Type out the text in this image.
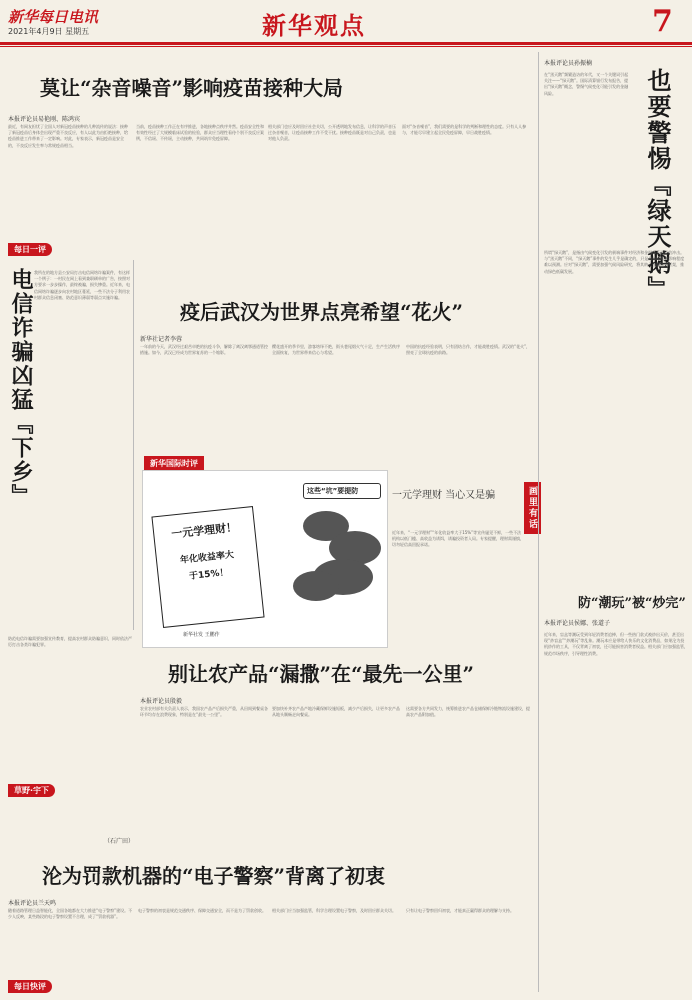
新华每日电讯
2021年4月9日 星期五	新华观点	7
莫让“杂音噪音”影响疫苗接种大局
本报评论员易艳刚、陈鸿宾
最近，有网友担忧了全国人对新冠疫苗接种的几种流传的说法：接种了新冠疫苗后身体会出现严重不良反应，有人以此为由拒绝接种，给疫苗推进工作带来了一定影响。对此，专家表示，新冠疫苗是安全的，不良反应发生率与常规疫苗相当。
每日一评
当前，疫苗接种工作正在有序推进，各地接种点秩序井然。疫苗安全性和有效性经过了大规模临床试验的检验，群众应当理性看待个别不良反应案例，不信谣、不传谣，主动接种，共同筑牢免疫屏障。
相关部门也应及时回应社会关切，公开透明地发布信息，让科学的声音压过杂音噪音，让疫苗接种工作不受干扰。接种疫苗既是对自己负责，也是对他人负责。
面对“杂音噪音”，我们需要的是科学的判断和理性的态度。只有人人参与，才能尽早建立起全民免疫屏障，早日战胜疫情。
电信诈骗凶猛『下乡』 我所在的地方县公安局打击电信网络诈骗案件，有这样一个例子：一村民在网上看到兼职刷单的广告，按照对方要求一步步操作，最终被骗，损失惨重。近年来，电信网络诈骗逐步向农村地区蔓延，一些不法分子利用农村群众信息闭塞、防范意识薄弱等弱点实施诈骗。
疫后武汉为世界点亮希望“花火”
新华社记者李蓉
一年前的今天，武汉经过艰苦卓绝的抗疫斗争，解除了离汉离鄂通道管控措施。如今，武汉已经成为世界复苏的一个缩影。
樱花盛开的季节里，游客络绎不绝，街头巷尾烟火气十足，生产生活秩序全面恢复，为世界带来信心与希望。
中国的抗疫经验表明，只有团结合作，才能战胜疫情。武汉的“花火”，照亮了全球抗疫的前路。
新华国际时评
这些“坑”要提防
一元学理财！
年化收益率大
于15%！
新华社发 王鹏作
一元学理财 当心又是骗
近年来，“一元学理财”“年化收益率大于15%”等宣传屡见不鲜，一些不法机构以低门槛、高收益为诱饵，诱骗投资者入局。专家提醒，理财需谨慎，切勿轻信高回报承诺。
画里有话
别让农产品“漏撒”在“最先一公里”
本报评论员殷毅
农业农村部有关负责人表示，我国农产品产后损失严重，从田间到餐桌各环节均存在浪费现象，特别是在“最先一公里”。
要加快补齐农产品产地冷藏保鲜设施短板，减少产后损失，让更多农产品从地头顺畅走向餐桌。
这需要各方共同发力，统筹推进农产品仓储保鲜冷链物流设施建设，提高农产品附加值。
防范电信诈骗需要加强宣传教育，提高农村群众防骗意识，同时依法严厉打击各类诈骗犯罪。
草野·宇下
（石广田）
沦为罚款机器的“电子警察”背离了初衷
本报评论员兰天鸣
随着道路管理日益智能化，全国各地都在大力推进“电子警察”建设。不少人反映，某些路段的电子警察设置不合理，成了“罚款机器”。
电子警察的初衷是规范交通秩序、保障交通安全，而不是为了罚款创收。	相关部门应当加强监管，科学合理设置电子警察，及时回应群众关切。	只有让电子警察回归初衷，才能真正赢得群众的理解与支持。
每日快评
本报评论员孙振楠
在“黑天鹅”频繁造访的年代，又一个关键词引起关注——“绿天鹅”。国际清算银行发布报告，提出“绿天鹅”概念，警惕气候变化可能引发的金融风险。	也要警惕『绿天鹅』
所谓“绿天鹅”，是指由气候变化引发的极端事件对经济和金融体系造成的冲击。与“黑天鹅”不同，“绿天鹅”事件的发生几乎是确定的，只是具体时间和影响程度难以预测。应对“绿天鹅”，需要加强气候风险研究，将其纳入金融监管框架，推动绿色低碳发展。
防“潮玩”被“炒完”
本报评论员侯娜、张道子
近年来，盲盒等潮玩受到年轻消费者追捧，但一些热门款式被炒出天价，甚至出现“炒盲盒”“炒潮玩”等乱象。潮玩本应是带给人快乐的文化消费品，如果沦为投机炒作的工具，不仅背离了初衷，还可能损害消费者权益。相关部门应加强监管，规范市场秩序，引导理性消费。
